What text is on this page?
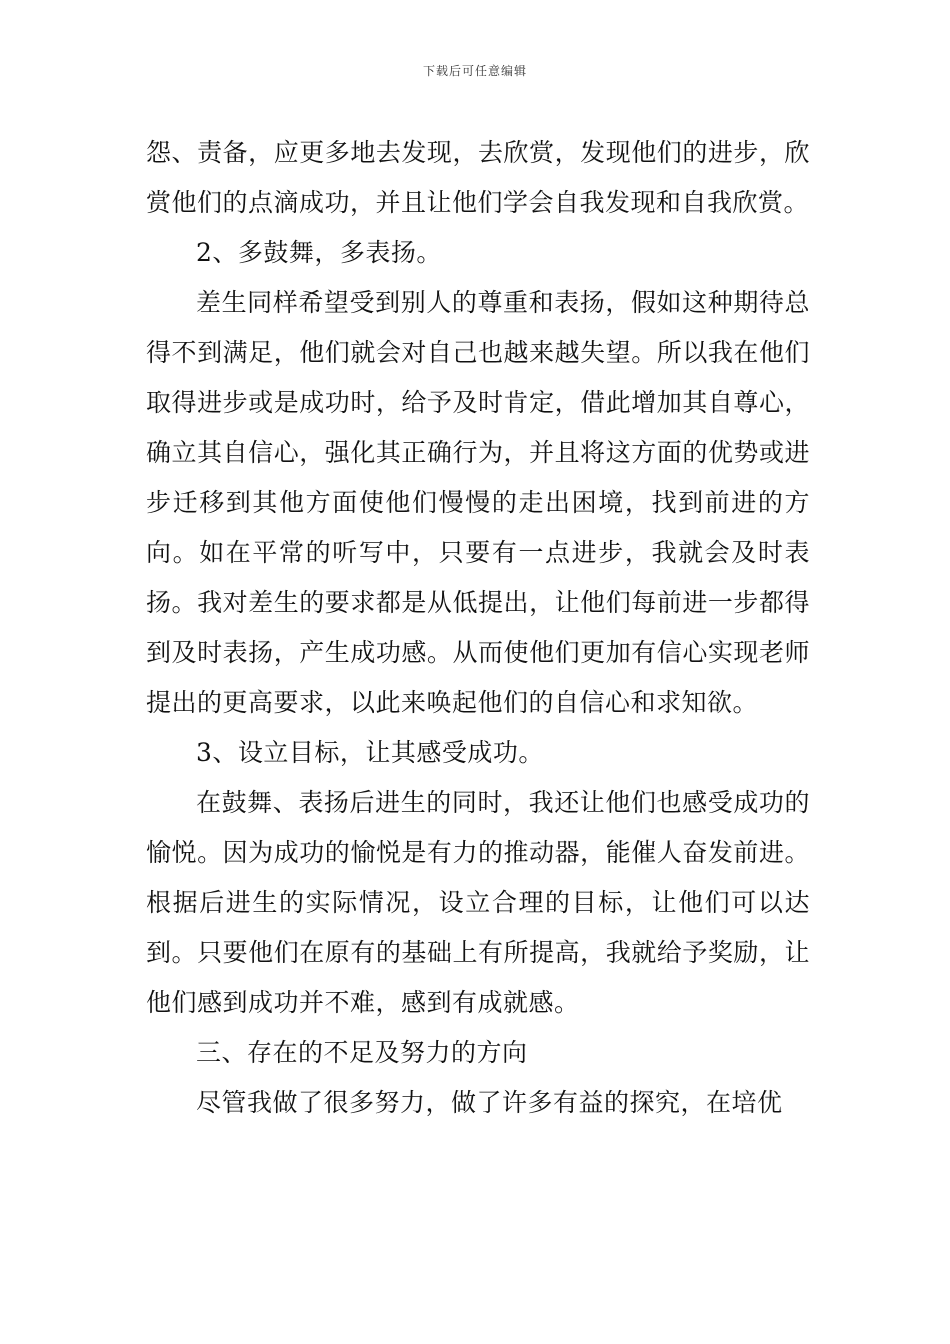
下载后可任意编辑

怨、责备，应更多地去发现，去欣赏，发现他们的进步，欣赏他们的点滴成功，并且让他们学会自我发现和自我欣赏。

2、多鼓舞，多表扬。

差生同样希望受到别人的尊重和表扬，假如这种期待总得不到满足，他们就会对自己也越来越失望。所以我在他们取得进步或是成功时，给予及时肯定，借此增加其自尊心，确立其自信心，强化其正确行为，并且将这方面的优势或进步迁移到其他方面使他们慢慢的走出困境，找到前进的方向。如在平常的听写中，只要有一点进步，我就会及时表扬。我对差生的要求都是从低提出，让他们每前进一步都得到及时表扬，产生成功感。从而使他们更加有信心实现老师提出的更高要求，以此来唤起他们的自信心和求知欲。

3、设立目标，让其感受成功。

在鼓舞、表扬后进生的同时，我还让他们也感受成功的愉悦。因为成功的愉悦是有力的推动器，能催人奋发前进。根据后进生的实际情况，设立合理的目标，让他们可以达到。只要他们在原有的基础上有所提高，我就给予奖励，让他们感到成功并不难，感到有成就感。

三、存在的不足及努力的方向

尽管我做了很多努力，做了许多有益的探究，在培优
